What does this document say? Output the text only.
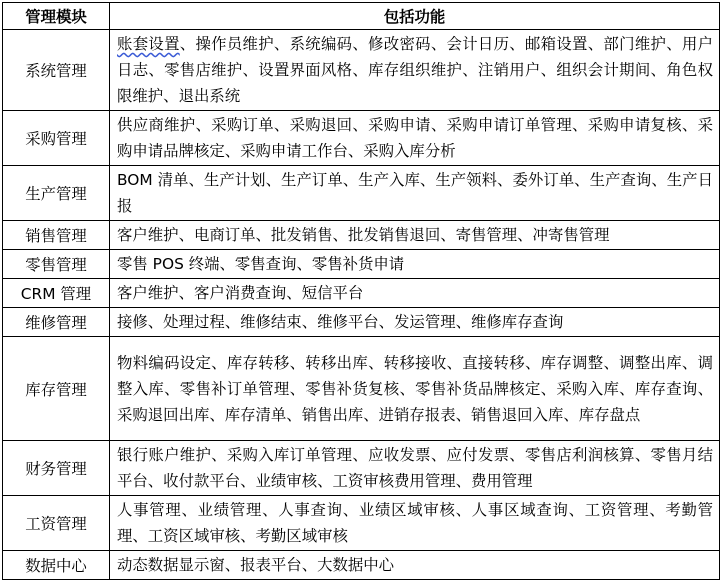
管理模块	包括功能
系统管理	账套设置、操作员维护、系统编码、修改密码、会计日历、邮箱设置、部门维护、用户日志、零售店维护、设置界面风格、库存组织维护、注销用户、组织会计期间、角色权限维护、退出系统
采购管理	供应商维护、采购订单、采购退回、采购申请、采购申请订单管理、采购申请复核、采购申请品牌核定、采购申请工作台、采购入库分析
生产管理	BOM 清单、生产计划、生产订单、生产入库、生产领料、委外订单、生产查询、生产日报
销售管理	客户维护、电商订单、批发销售、批发销售退回、寄售管理、冲寄售管理
零售管理	零售 POS 终端、零售查询、零售补货申请
CRM 管理	客户维护、客户消费查询、短信平台
维修管理	接修、处理过程、维修结束、维修平台、发运管理、维修库存查询
库存管理	物料编码设定、库存转移、转移出库、转移接收、直接转移、库存调整、调整出库、调整入库、零售补订单管理、零售补货复核、零售补货品牌核定、采购入库、库存查询、采购退回出库、库存清单、销售出库、进销存报表、销售退回入库、库存盘点
财务管理	银行账户维护、采购入库订单管理、应收发票、应付发票、零售店利润核算、零售月结平台、收付款平台、业绩审核、工资审核费用管理、费用管理
工资管理	人事管理、业绩管理、人事查询、业绩区域审核、人事区域查询、工资管理、考勤管理、工资区域审核、考勤区域审核
数据中心	动态数据显示窗、报表平台、大数据中心
